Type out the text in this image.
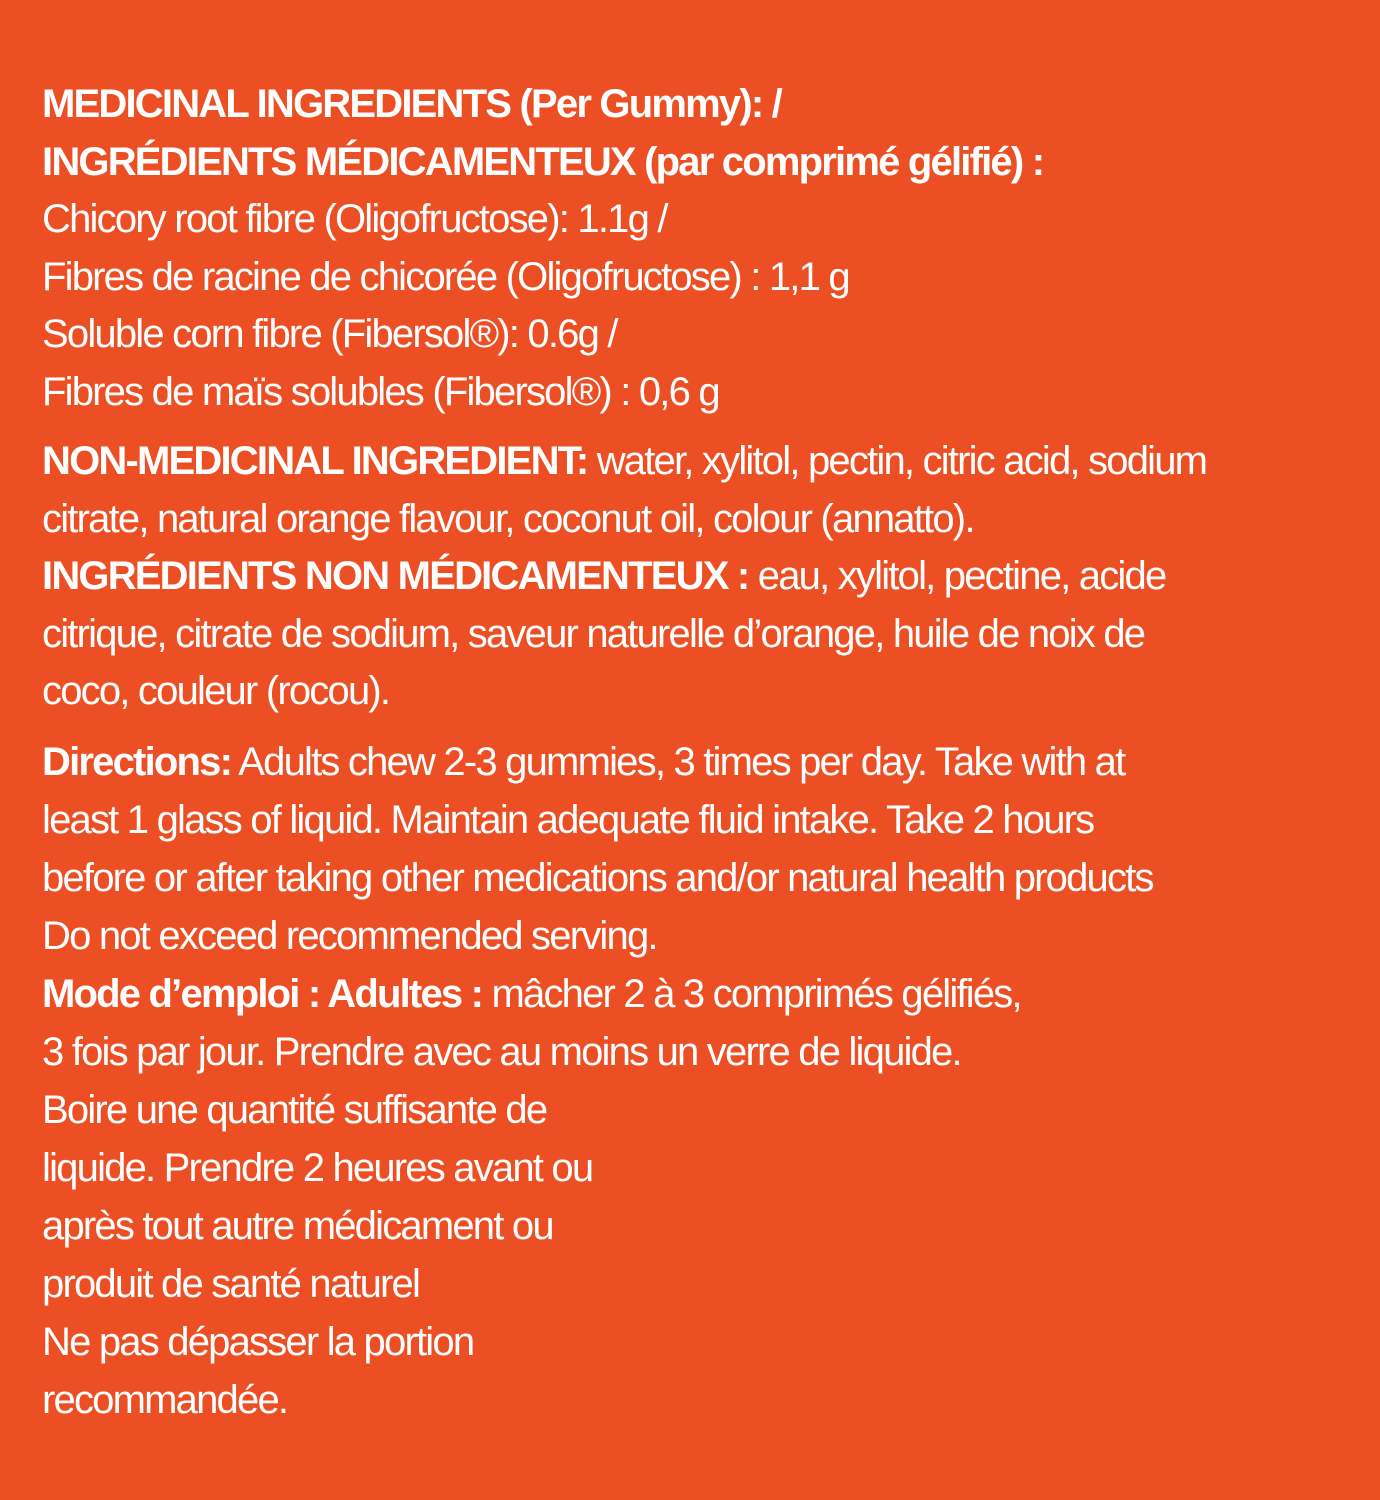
MEDICINAL INGREDIENTS (Per Gummy): /
INGRÉDIENTS MÉDICAMENTEUX (par comprimé gélifié) :
Chicory root fibre (Oligofructose): 1.1g /
Fibres de racine de chicorée (Oligofructose) : 1,1 g
Soluble corn fibre (Fibersol®): 0.6g /
Fibres de maïs solubles (Fibersol®) : 0,6 g
NON-MEDICINAL INGREDIENT: water, xylitol, pectin, citric acid, sodium
citrate, natural orange flavour, coconut oil, colour (annatto).
INGRÉDIENTS NON MÉDICAMENTEUX : eau, xylitol, pectine, acide
citrique, citrate de sodium, saveur naturelle d’orange, huile de noix de
coco, couleur (rocou).
Directions: Adults chew 2-3 gummies, 3 times per day. Take with at
least 1 glass of liquid. Maintain adequate fluid intake. Take 2 hours
before or after taking other medications and/or natural health products
Do not exceed recommended serving.
Mode d’emploi : Adultes : mâcher 2 à 3 comprimés gélifiés,
3 fois par jour. Prendre avec au moins un verre de liquide.
Boire une quantité suffisante de
liquide. Prendre 2 heures avant ou
après tout autre médicament ou
produit de santé naturel
Ne pas dépasser la portion
recommandée.
